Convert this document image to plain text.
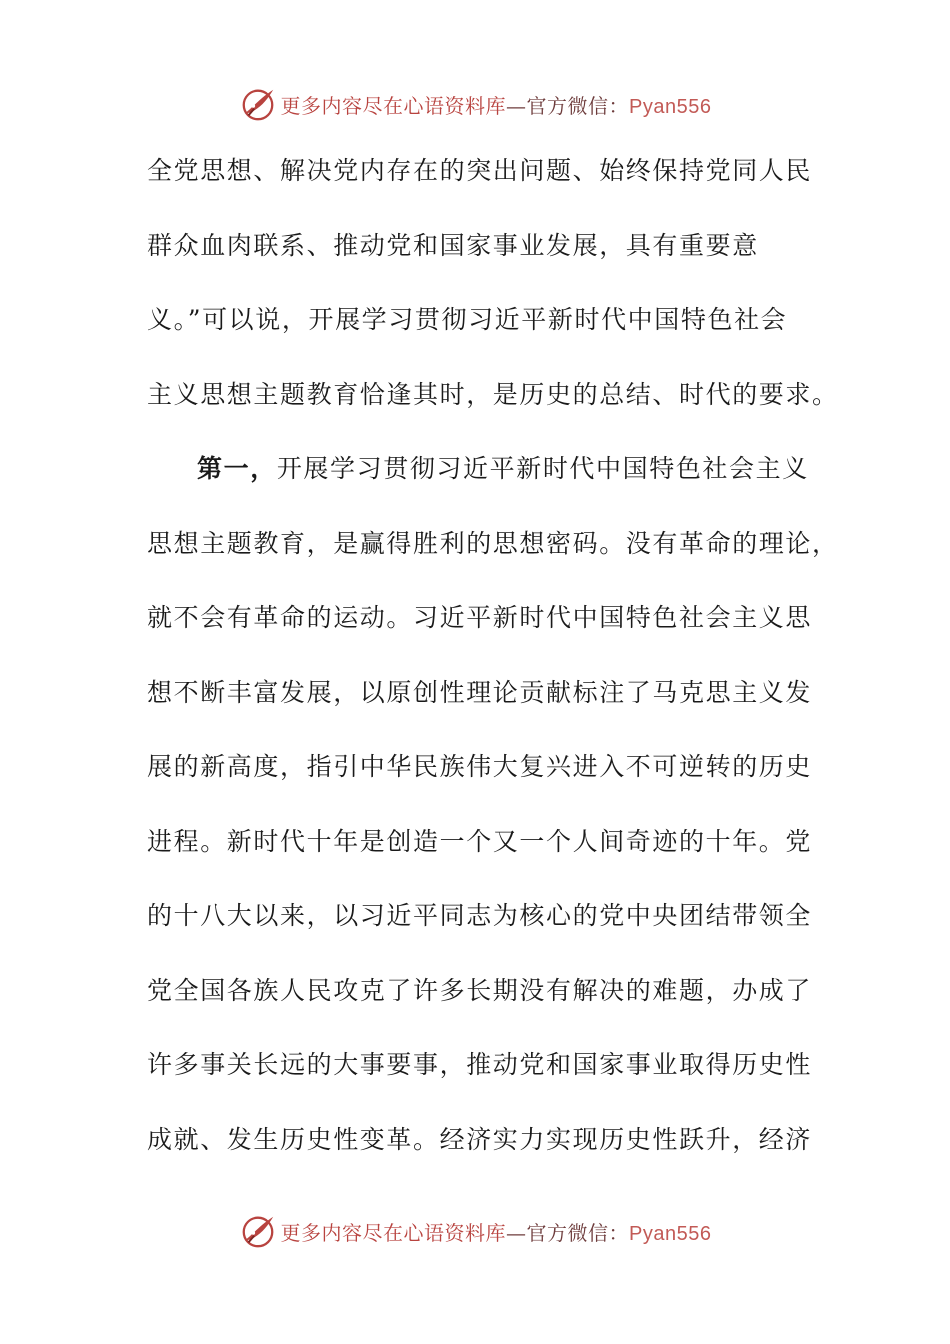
更多内容尽在心语资料库—官方微信：Pyan556
全党思想、解决党内存在的突出问题、始终保持党同人民
群众血肉联系、推动党和国家事业发展，具有重要意
义。”可以说，开展学习贯彻习近平新时代中国特色社会
主义思想主题教育恰逢其时，是历史的总结、时代的要求。
第一，开展学习贯彻习近平新时代中国特色社会主义
思想主题教育，是赢得胜利的思想密码。没有革命的理论，
就不会有革命的运动。习近平新时代中国特色社会主义思
想不断丰富发展，以原创性理论贡献标注了马克思主义发
展的新高度，指引中华民族伟大复兴进入不可逆转的历史
进程。新时代十年是创造一个又一个人间奇迹的十年。党
的十八大以来，以习近平同志为核心的党中央团结带领全
党全国各族人民攻克了许多长期没有解决的难题，办成了
许多事关长远的大事要事，推动党和国家事业取得历史性
成就、发生历史性变革。经济实力实现历史性跃升，经济
更多内容尽在心语资料库—官方微信：Pyan556
